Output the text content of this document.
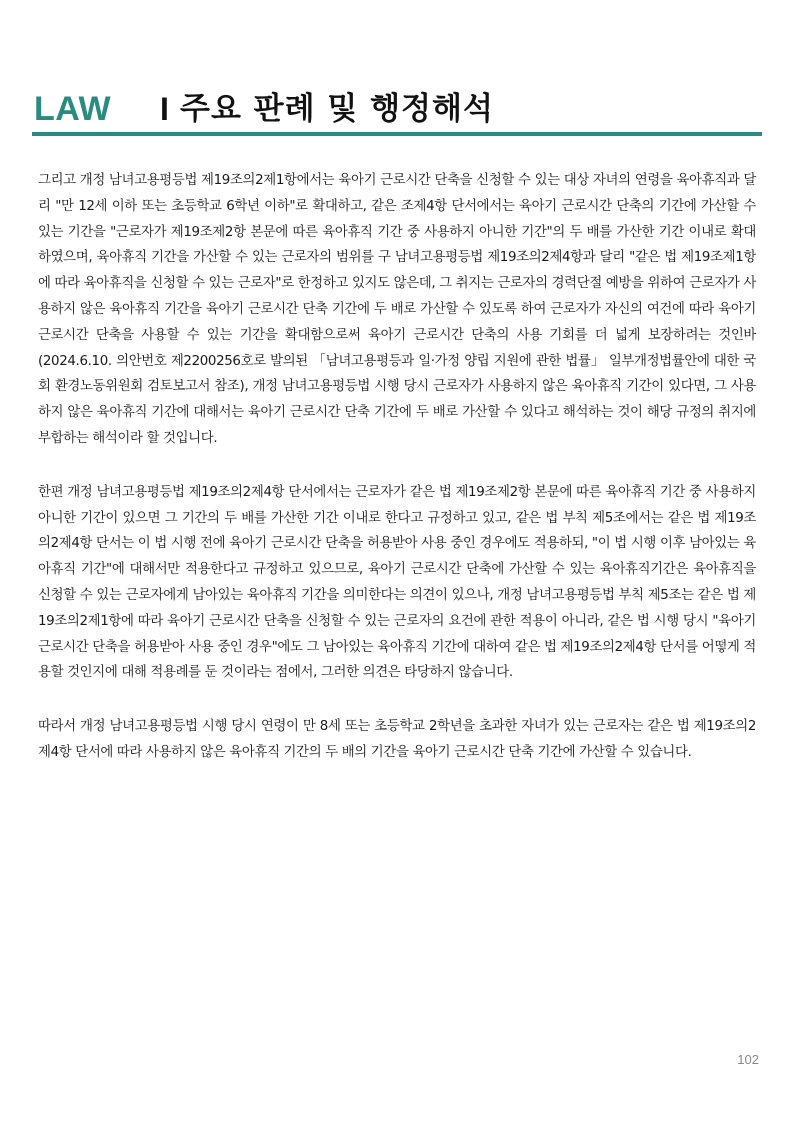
LAW I 주요 판례 및 행정해석

그리고 개정 남녀고용평등법 제19조의2제1항에서는 육아기 근로시간 단축을 신청할 수 있는 대상 자녀의 연령을 육아휴직과 달리 "만 12세 이하 또는 초등학교 6학년 이하"로 확대하고, 같은 조제4항 단서에서는 육아기 근로시간 단축의 기간에 가산할 수 있는 기간을 "근로자가 제19조제2항 본문에 따른 육아휴직 기간 중 사용하지 아니한 기간"의 두 배를 가산한 기간 이내로 확대하였으며, 육아휴직 기간을 가산할 수 있는 근로자의 범위를 구 남녀고용평등법 제19조의2제4항과 달리 "같은 법 제19조제1항에 따라 육아휴직을 신청할 수 있는 근로자"로 한정하고 있지도 않은데, 그 취지는 근로자의 경력단절 예방을 위하여 근로자가 사용하지 않은 육아휴직 기간을 육아기 근로시간 단축 기간에 두 배로 가산할 수 있도록 하여 근로자가 자신의 여건에 따라 육아기 근로시간 단축을 사용할 수 있는 기간을 확대함으로써 육아기 근로시간 단축의 사용 기회를 더 넓게 보장하려는 것인바(2024.6.10. 의안번호 제2200256호로 발의된 「남녀고용평등과 일·가정 양립 지원에 관한 법률」 일부개정법률안에 대한 국회 환경노동위원회 검토보고서 참조), 개정 남녀고용평등법 시행 당시 근로자가 사용하지 않은 육아휴직 기간이 있다면, 그 사용하지 않은 육아휴직 기간에 대해서는 육아기 근로시간 단축 기간에 두 배로 가산할 수 있다고 해석하는 것이 해당 규정의 취지에 부합하는 해석이라 할 것입니다.

한편 개정 남녀고용평등법 제19조의2제4항 단서에서는 근로자가 같은 법 제19조제2항 본문에 따른 육아휴직 기간 중 사용하지 아니한 기간이 있으면 그 기간의 두 배를 가산한 기간 이내로 한다고 규정하고 있고, 같은 법 부칙 제5조에서는 같은 법 제19조의2제4항 단서는 이 법 시행 전에 육아기 근로시간 단축을 허용받아 사용 중인 경우에도 적용하되, "이 법 시행 이후 남아있는 육아휴직 기간"에 대해서만 적용한다고 규정하고 있으므로, 육아기 근로시간 단축에 가산할 수 있는 육아휴직기간은 육아휴직을 신청할 수 있는 근로자에게 남아있는 육아휴직 기간을 의미한다는 의견이 있으나, 개정 남녀고용평등법 부칙 제5조는 같은 법 제19조의2제1항에 따라 육아기 근로시간 단축을 신청할 수 있는 근로자의 요건에 관한 적용이 아니라, 같은 법 시행 당시 "육아기 근로시간 단축을 허용받아 사용 중인 경우"에도 그 남아있는 육아휴직 기간에 대하여 같은 법 제19조의2제4항 단서를 어떻게 적용할 것인지에 대해 적용례를 둔 것이라는 점에서, 그러한 의견은 타당하지 않습니다.

따라서 개정 남녀고용평등법 시행 당시 연령이 만 8세 또는 초등학교 2학년을 초과한 자녀가 있는 근로자는 같은 법 제19조의2제4항 단서에 따라 사용하지 않은 육아휴직 기간의 두 배의 기간을 육아기 근로시간 단축 기간에 가산할 수 있습니다.

102
